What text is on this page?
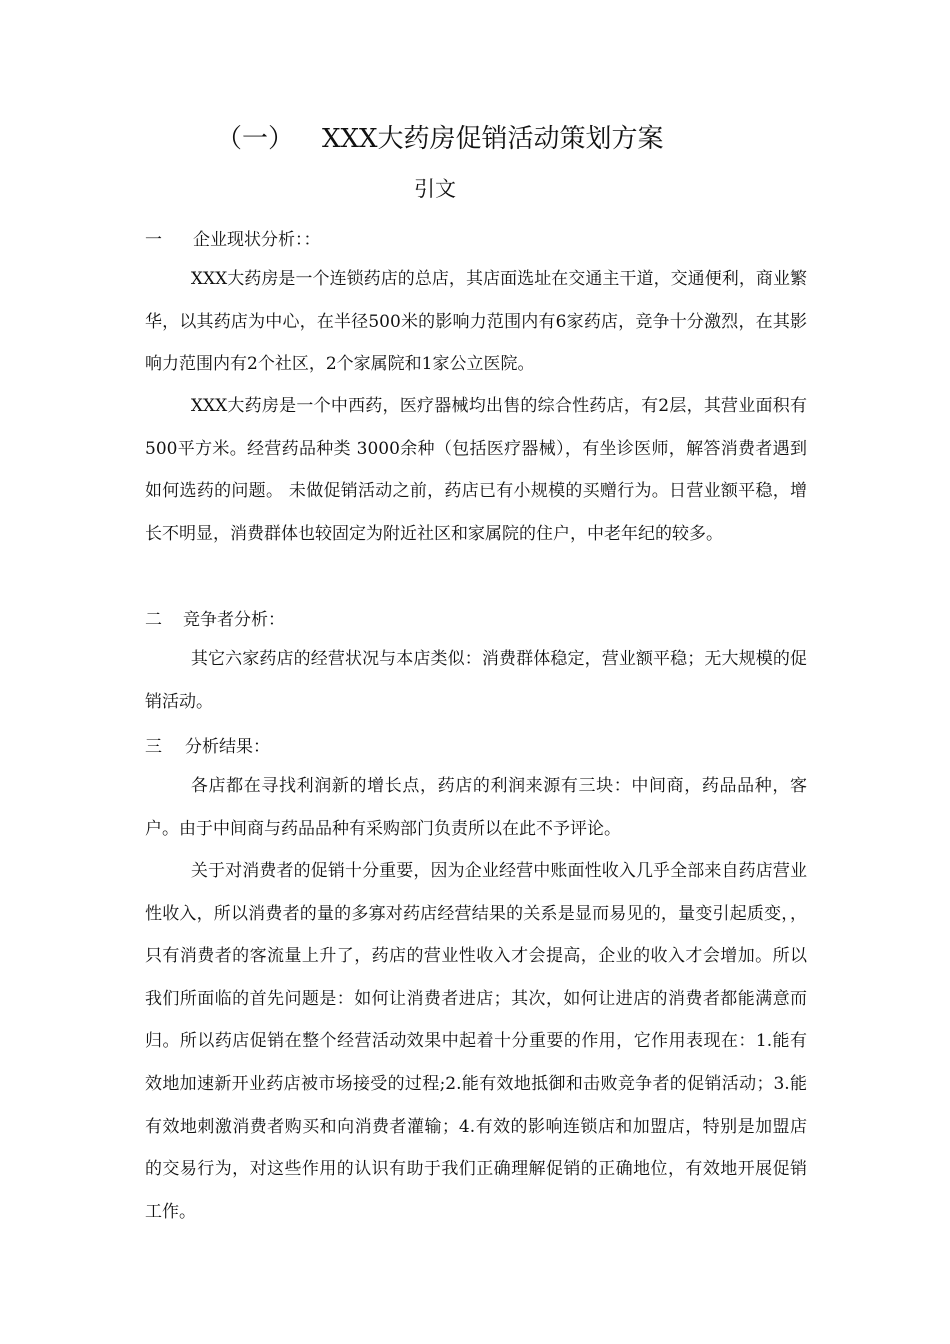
（一） XXX大药房促销活动策划方案
引文
一 企业现状分析：：
XXX大药房是一个连锁药店的总店，其店面选址在交通主干道，交通便利，商业繁华，以其药店为中心，在半径500米的影响力范围内有6家药店，竞争十分激烈，在其影响力范围内有2个社区，2个家属院和1家公立医院。
XXX大药房是一个中西药，医疗器械均出售的综合性药店，有2层，其营业面积有 500平方米。经营药品种类 3000余种（包括医疗器械），有坐诊医师，解答消费者遇到如何选药的问题。 未做促销活动之前，药店已有小规模的买赠行为。日营业额平稳，增长不明显，消费群体也较固定为附近社区和家属院的住户，中老年纪的较多。
二 竞争者分析：
其它六家药店的经营状况与本店类似：消费群体稳定，营业额平稳；无大规模的促销活动。
三 分析结果：
各店都在寻找利润新的增长点，药店的利润来源有三块：中间商，药品品种，客户。由于中间商与药品品种有采购部门负责所以在此不予评论。
关于对消费者的促销十分重要，因为企业经营中账面性收入几乎全部来自药店营业性收入，所以消费者的量的多寡对药店经营结果的关系是显而易见的，量变引起质变，，只有消费者的客流量上升了，药店的营业性收入才会提高，企业的收入才会增加。所以我们所面临的首先问题是：如何让消费者进店；其次，如何让进店的消费者都能满意而归。所以药店促销在整个经营活动效果中起着十分重要的作用，它作用表现在：1.能有效地加速新开业药店被市场接受的过程;2.能有效地抵御和击败竞争者的促销活动；3.能有效地刺激消费者购买和向消费者灌输；4.有效的影响连锁店和加盟店，特别是加盟店的交易行为，对这些作用的认识有助于我们正确理解促销的正确地位，有效地开展促销工作。
